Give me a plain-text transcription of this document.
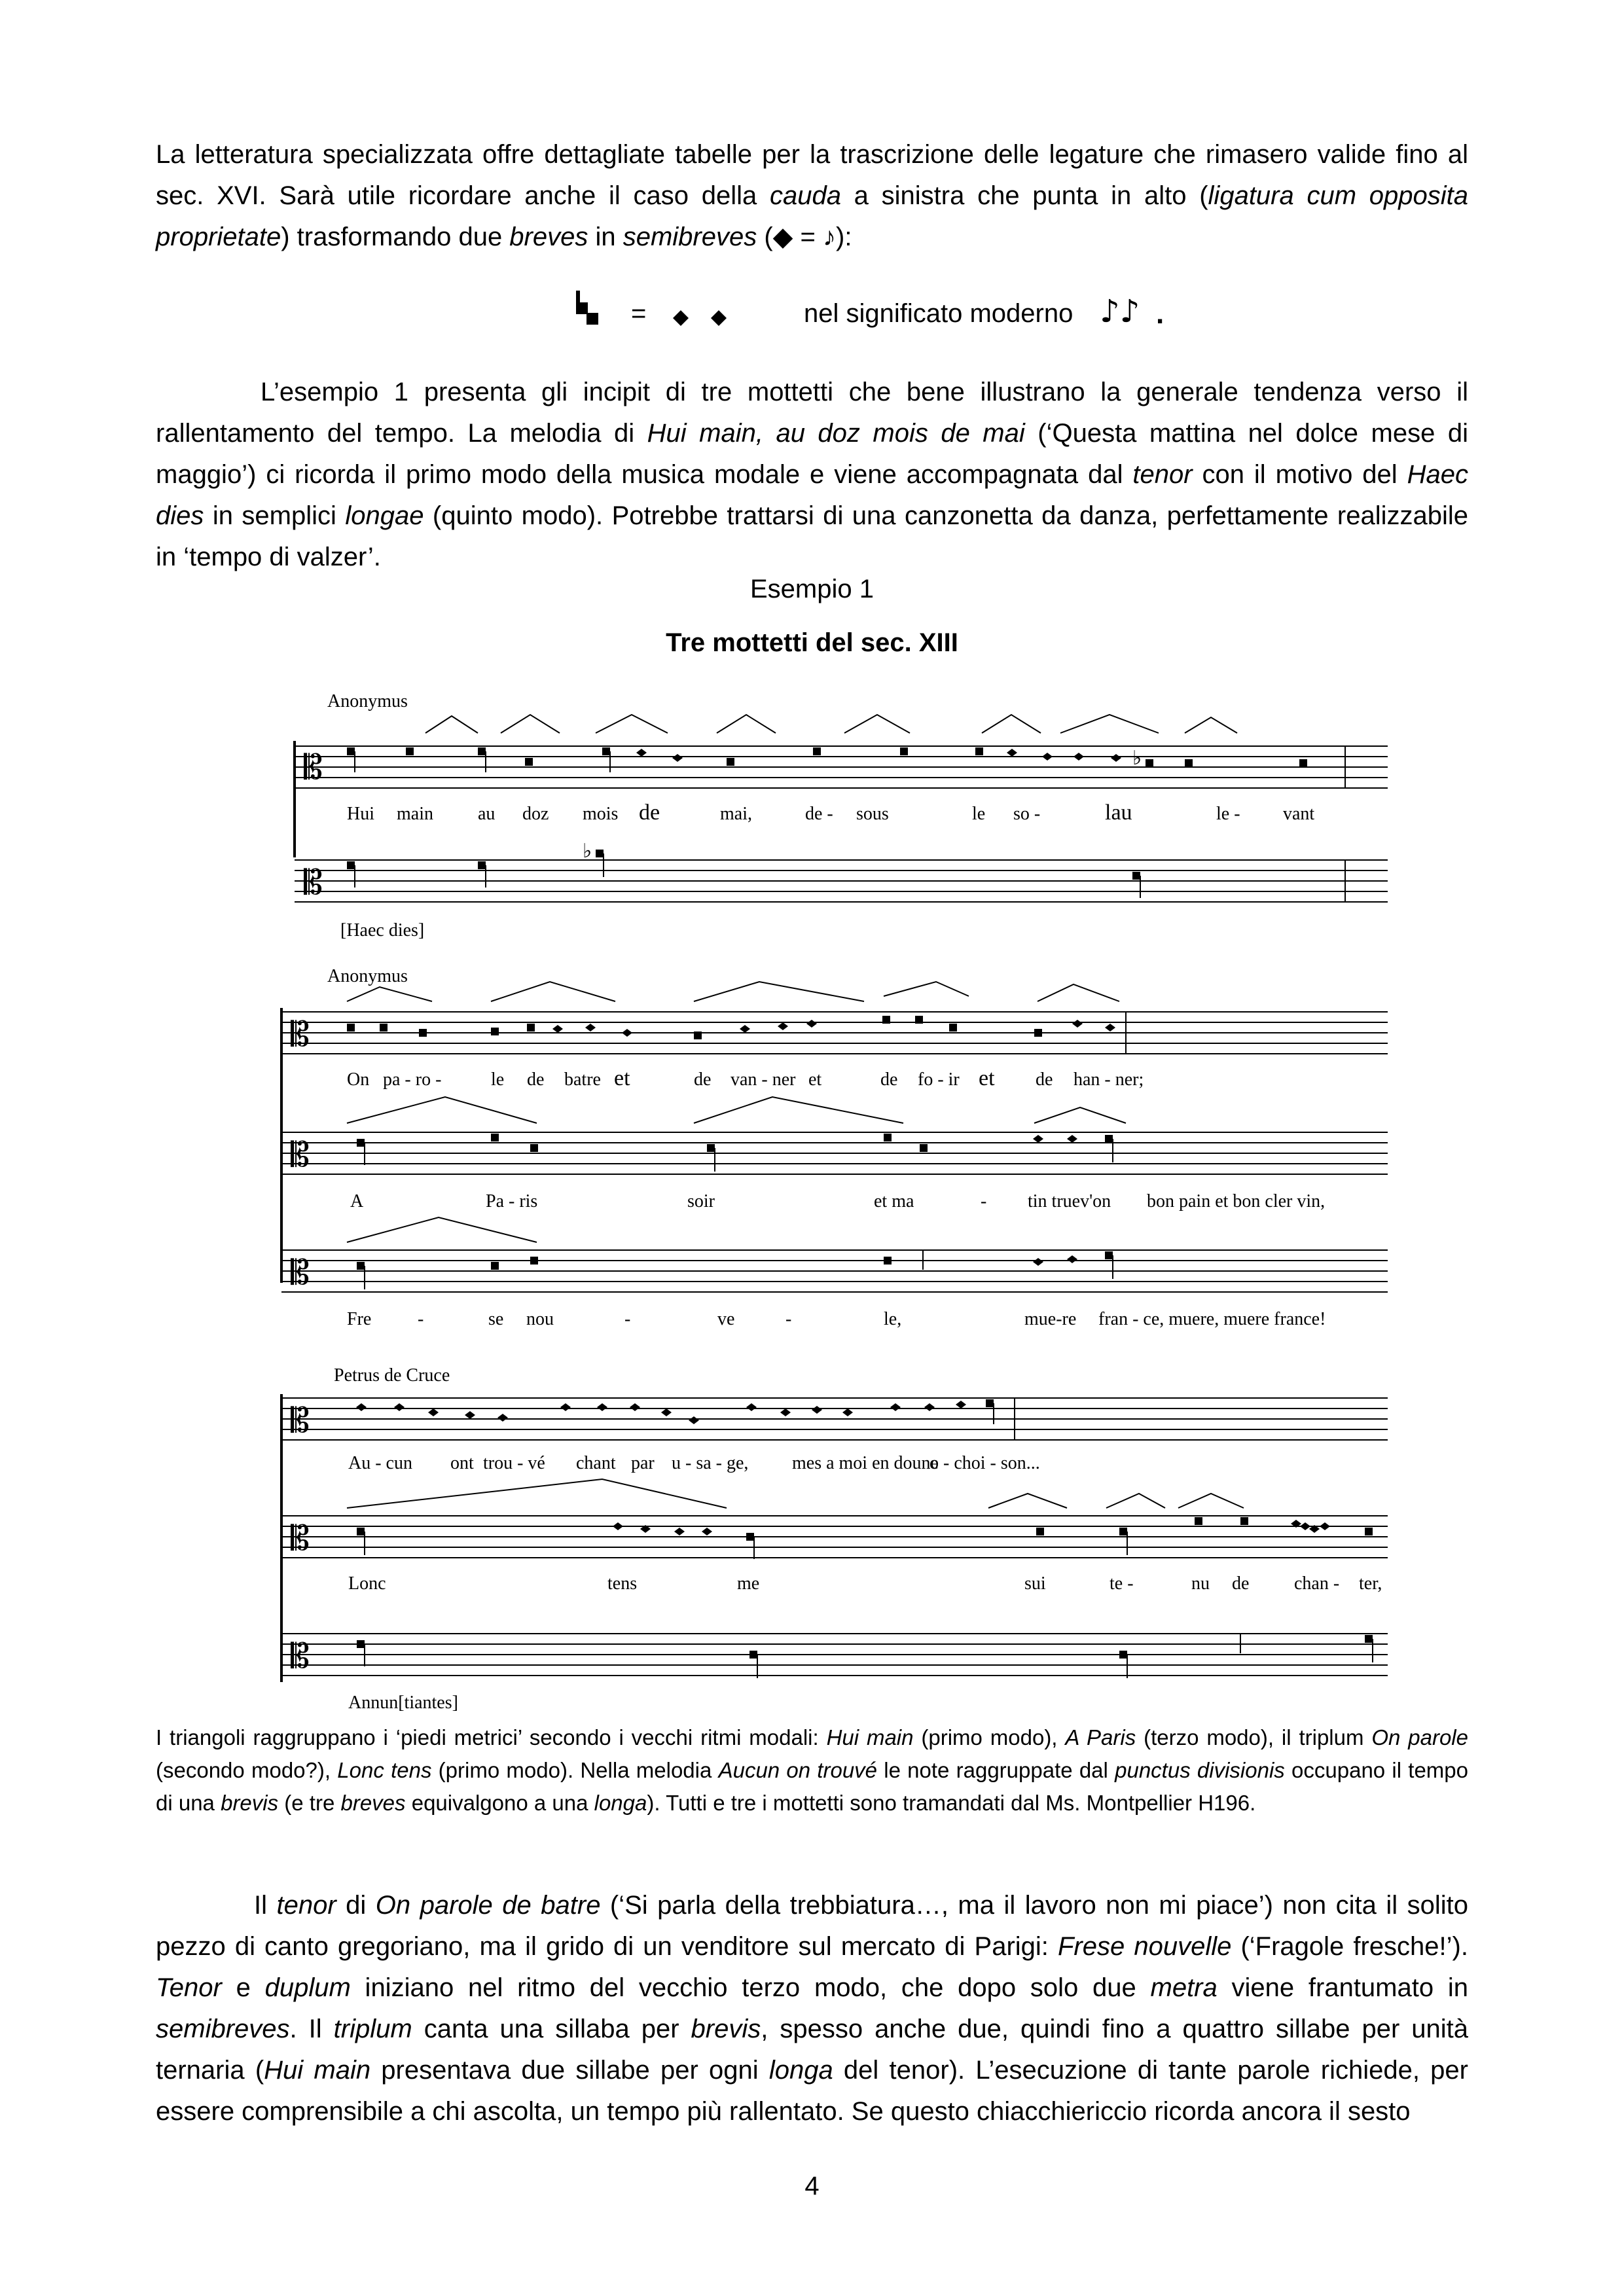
La letteratura specializzata offre dettagliate tabelle per la trascrizione delle legature che rimasero valide fino al sec. XVI. Sarà utile ricordare anche il caso della cauda a sinistra che punta in alto (ligatura cum opposita proprietate) trasformando due breves in semibreves (◆ = ♪):

=	nel significato moderno ♪♪ .

L’esempio 1 presenta gli incipit di tre mottetti che bene illustrano la generale tendenza verso il rallentamento del tempo. La melodia di Hui main, au doz mois de mai (‘Questa mattina nel dolce mese di maggio’) ci ricorda il primo modo della musica modale e viene accompagnata dal tenor con il motivo del Haec dies in semplici longae (quinto modo). Potrebbe trattarsi di una canzonetta da danza, perfettamente realizzabile in ‘tempo di valzer’.

Esempio 1

Tre mottetti del sec. XIII

Anonymus
𝄡	♭
Hui main au doz mois de	mai,	de - sous	le so -	lau	le - vant
𝄡
♭
[Haec dies]
Anonymus
𝄡
On pa - ro -	le de batre et	de van - ner et	de fo - ir et de han - ner;
𝄡
A	Pa - ris	soir	et ma	- tin truev'on bon pain et bon cler vin,
𝄡
Fre	-	se nou	-	ve	-	le,	mue-re fran - ce, muere, muere france!
Petrus de Cruce
𝄡
Au - cun ont trou - vé chant par u - sa - ge, mes a moi en doune
o - choi - son...
𝄡
Lonc	tens	me	sui	te -	nu de chan - ter,
𝄡
Annun[tiantes]

I triangoli raggruppano i ‘piedi metrici’ secondo i vecchi ritmi modali: Hui main (primo modo), A Paris (terzo modo), il triplum On parole (secondo modo?), Lonc tens (primo modo). Nella melodia Aucun on trouvé le note raggruppate dal punctus divisionis occupano il tempo di una brevis (e tre breves equivalgono a una longa). Tutti e tre i mottetti sono tramandati dal Ms. Montpellier H196.

Il tenor di On parole de batre (‘Si parla della trebbiatura…, ma il lavoro non mi piace’) non cita il solito pezzo di canto gregoriano, ma il grido di un venditore sul mercato di Parigi: Frese nouvelle (‘Fragole fresche!’). Tenor e duplum iniziano nel ritmo del vecchio terzo modo, che dopo solo due metra viene frantumato in semibreves. Il triplum canta una sillaba per brevis, spesso anche due, quindi fino a quattro sillabe per unità ternaria (Hui main presentava due sillabe per ogni longa del tenor). L’esecuzione di tante parole richiede, per essere comprensibile a chi ascolta, un tempo più rallentato. Se questo chiacchiericcio ricorda ancora il sesto

4
